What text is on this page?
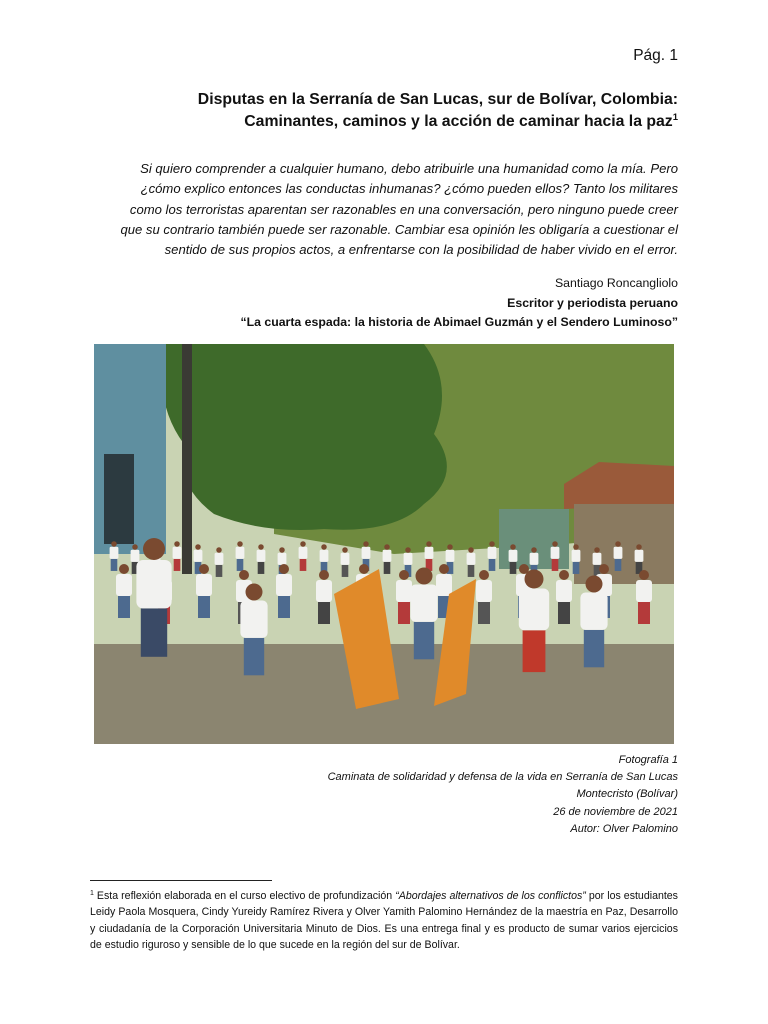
Pág. 1
Disputas en la Serranía de San Lucas, sur de Bolívar, Colombia:
Caminantes, caminos y la acción de caminar hacia la paz$^1$
Si quiero comprender a cualquier humano, debo atribuirle una humanidad como la mía. Pero
¿cómo explico entonces las conductas inhumanas? ¿cómo pueden ellos? Tanto los militares
como los terroristas aparentan ser razonables en una conversación, pero ninguno puede creer
que su contrario también puede ser razonable. Cambiar esa opinión les obligaría a cuestionar el
sentido de sus propios actos, a enfrentarse con la posibilidad de haber vivido en el error.
Santiago Roncangliolo
Escritor y periodista peruano
“La cuarta espada: la historia de Abimael Guzmán y el Sendero Luminoso”
Fotografía 1
Caminata de solidaridad y defensa de la vida en Serranía de San Lucas
Montecristo (Bolívar)
26 de noviembre de 2021
Autor: Olver Palomino
$^1$ Esta reflexión elaborada en el curso electivo de profundización “Abordajes alternativos de los conflictos” por los estudiantes Leidy Paola Mosquera, Cindy Yureidy Ramírez Rivera y Olver Yamith Palomino Hernández de la maestría en Paz, Desarrollo y ciudadanía de la Corporación Universitaria Minuto de Dios. Es una entrega final y es producto de sumar varios ejercicios de estudio riguroso y sensible de lo que sucede en la región del sur de Bolívar.
